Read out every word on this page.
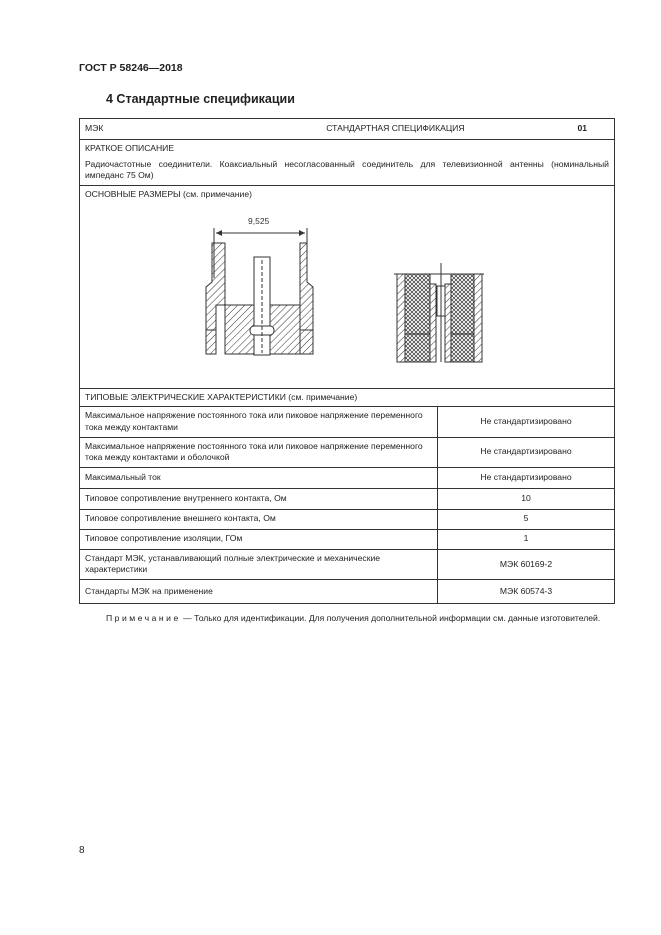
ГОСТ Р 58246—2018
4 Стандартные спецификации
МЭК СТАНДАРТНАЯ СПЕЦИФИКАЦИЯ 01	

КРАТКОЕ ОПИСАНИЕ
Радиочастотные соединители. Коаксиальный несогласованный соединитель для телевизионной антенны (номинальный импеданс 75 Ом)	

ОСНОВНЫЕ РАЗМЕРЫ (см. примечание)
9,525	

ТИПОВЫЕ ЭЛЕКТРИЧЕСКИЕ ХАРАКТЕРИСТИКИ (см. примечание)	
Максимальное напряжение постоянного тока или пиковое напряжение переменного тока между контактами	Не стандартизировано
Максимальное напряжение постоянного тока или пиковое напряжение переменного тока между контактами и оболочкой	Не стандартизировано
Максимальный ток	Не стандартизировано
Типовое сопротивление внутреннего контакта, Ом	10
Типовое сопротивление внешнего контакта, Ом	5
Типовое сопротивление изоляции, ГОм	1
Стандарт МЭК, устанавливающий полные электрические и механические характеристики	МЭК 60169-2
Стандарты МЭК на применение	МЭК 60574-3
Примечание — Только для идентификации. Для получения дополнительной информации см. данные изготовителей.
8
